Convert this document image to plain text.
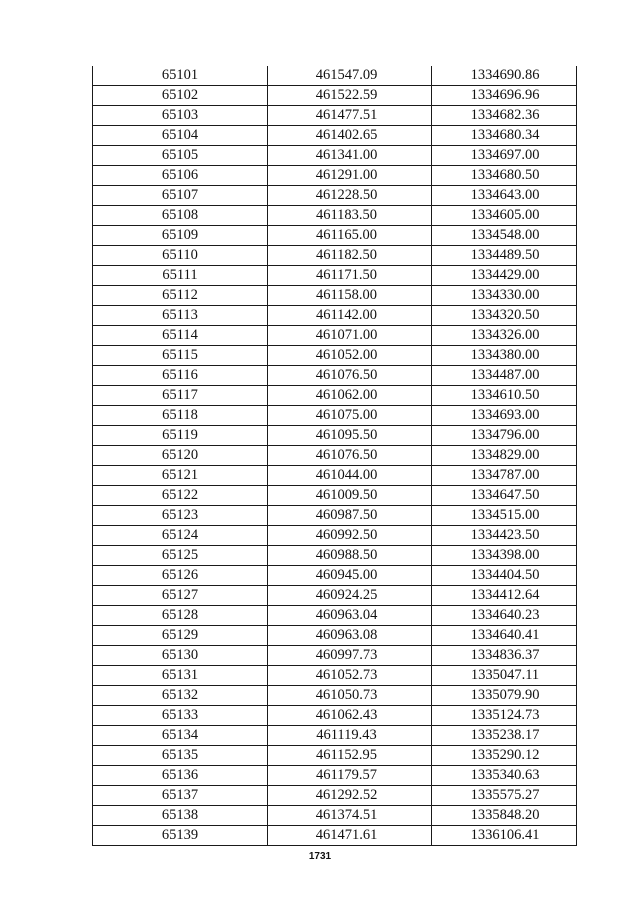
65101	461547.09	1334690.86
65102	461522.59	1334696.96
65103	461477.51	1334682.36
65104	461402.65	1334680.34
65105	461341.00	1334697.00
65106	461291.00	1334680.50
65107	461228.50	1334643.00
65108	461183.50	1334605.00
65109	461165.00	1334548.00
65110	461182.50	1334489.50
65111	461171.50	1334429.00
65112	461158.00	1334330.00
65113	461142.00	1334320.50
65114	461071.00	1334326.00
65115	461052.00	1334380.00
65116	461076.50	1334487.00
65117	461062.00	1334610.50
65118	461075.00	1334693.00
65119	461095.50	1334796.00
65120	461076.50	1334829.00
65121	461044.00	1334787.00
65122	461009.50	1334647.50
65123	460987.50	1334515.00
65124	460992.50	1334423.50
65125	460988.50	1334398.00
65126	460945.00	1334404.50
65127	460924.25	1334412.64
65128	460963.04	1334640.23
65129	460963.08	1334640.41
65130	460997.73	1334836.37
65131	461052.73	1335047.11
65132	461050.73	1335079.90
65133	461062.43	1335124.73
65134	461119.43	1335238.17
65135	461152.95	1335290.12
65136	461179.57	1335340.63
65137	461292.52	1335575.27
65138	461374.51	1335848.20
65139	461471.61	1336106.41
1731
